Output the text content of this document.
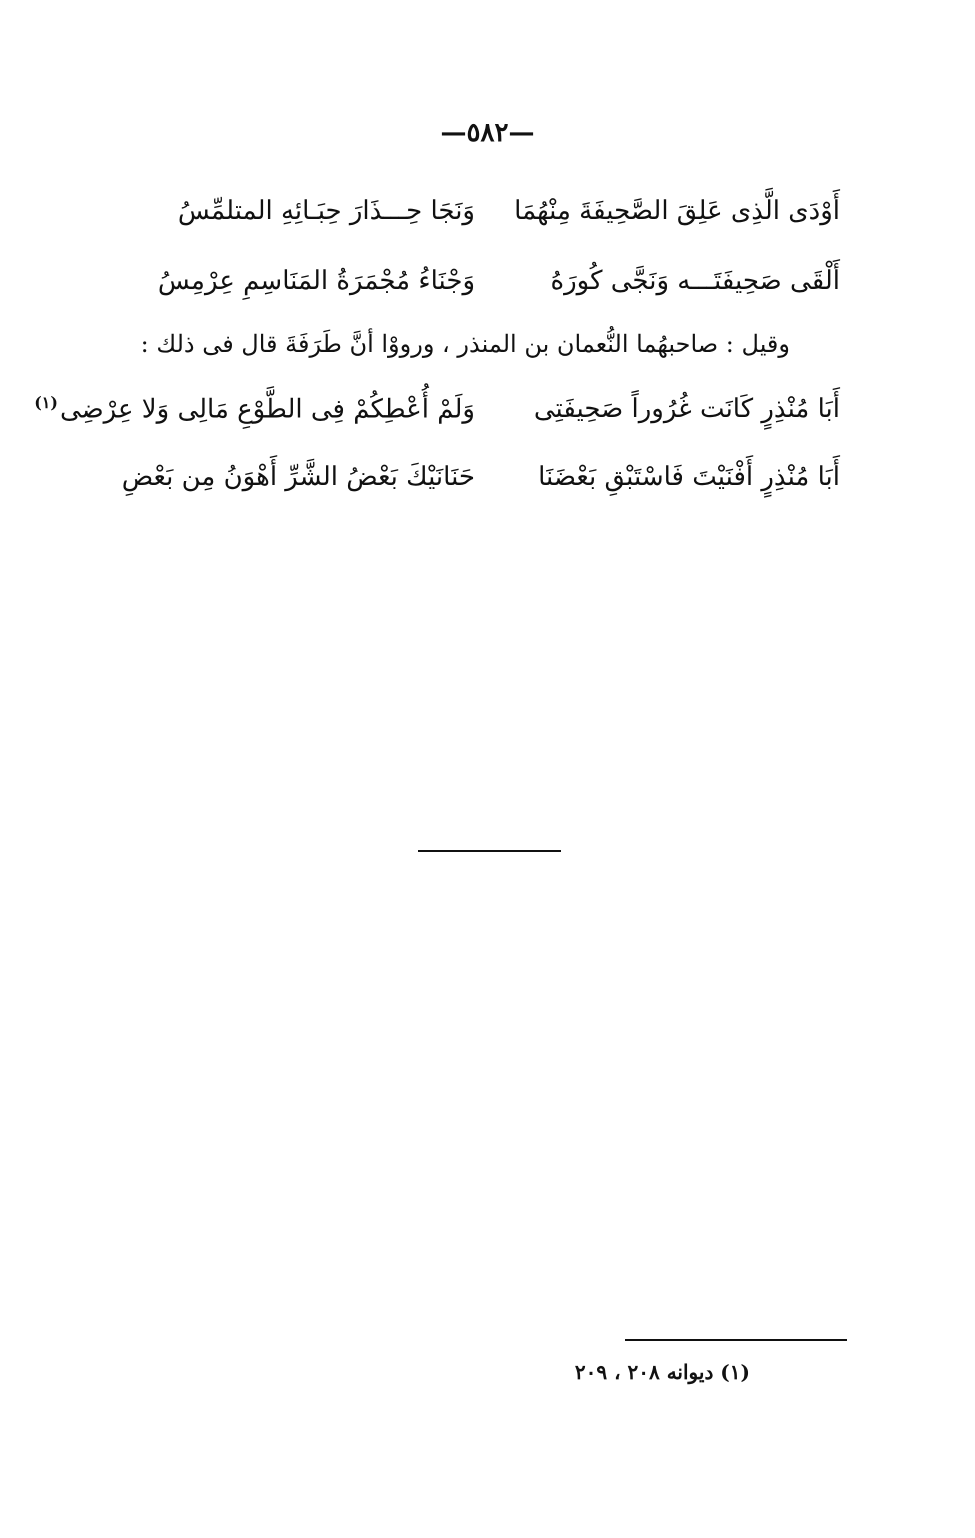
—٥٨٢—
أَوْدَى الَّذِى عَلِقَ الصَّحِيفَةَ مِنْهُمَا
وَنَجَا حِـــذَارَ حِبَـائِهِ المتلمِّسُ
أَلْقَى صَحِيفَتَـــه وَنَجَّى كُورَهُ
وَجْنَاءُ مُجْمَرَةُ المَنَاسِمِ عِرْمِسُ
وقيل : صاحبهُما النُّعمان بن المنذر ، ورووْا أنَّ طَرَفَةَ قال فى ذلك :
أَبَا مُنْذِرٍ كَانَت غُرُوراً صَحِيفَتِى
وَلَمْ أُعْطِكُمْ فِى الطَّوْعِ مَالِى وَلا عِرْضِى$^{(١)}$
أَبَا مُنْذِرٍ أَفْنَيْتَ فَاسْتَبْقِ بَعْضَنَا
حَنَانَيْكَ بَعْضُ الشَّرِّ أَهْوَنُ مِن بَعْضِ
(١) ديوانه ٢٠٨ ، ٢٠٩
